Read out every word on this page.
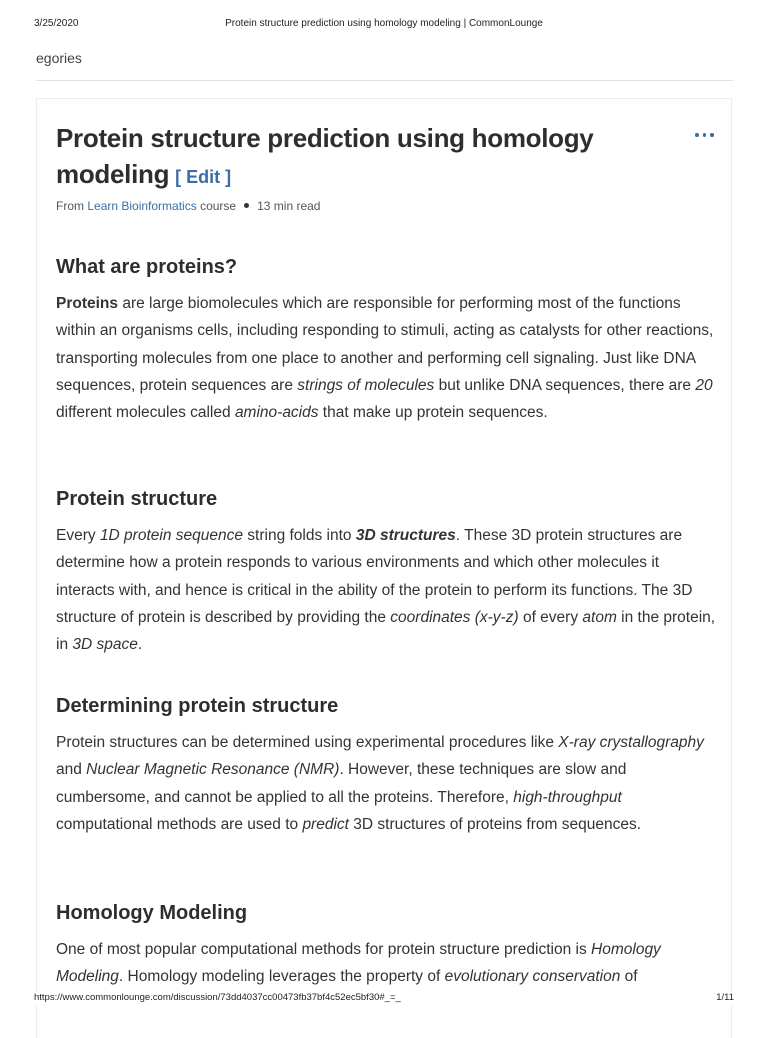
3/25/2020	Protein structure prediction using homology modeling | CommonLounge
egories
Protein structure prediction using homology modeling [ Edit ]
From Learn Bioinformatics course 13 min read
What are proteins?

Proteins are large biomolecules which are responsible for performing most of the functions within an organisms cells, including responding to stimuli, acting as catalysts for other reactions, transporting molecules from one place to another and performing cell signaling. Just like DNA sequences, protein sequences are strings of molecules but unlike DNA sequences, there are 20 different molecules called amino-acids that make up protein sequences.

Protein structure

Every 1D protein sequence string folds into 3D structures. These 3D protein structures are determine how a protein responds to various environments and which other molecules it interacts with, and hence is critical in the ability of the protein to perform its functions. The 3D structure of protein is described by providing the coordinates (x-y-z) of every atom in the protein, in 3D space.

Determining protein structure

Protein structures can be determined using experimental procedures like X-ray crystallography and Nuclear Magnetic Resonance (NMR). However, these techniques are slow and cumbersome, and cannot be applied to all the proteins. Therefore, high-throughput computational methods are used to predict 3D structures of proteins from sequences.

Homology Modeling

One of most popular computational methods for protein structure prediction is Homology Modeling. Homology modeling leverages the property of evolutionary conservation of

https://www.commonlounge.com/discussion/73dd4037cc00473fb37bf4c52ec5bf30#_=_	1/11
